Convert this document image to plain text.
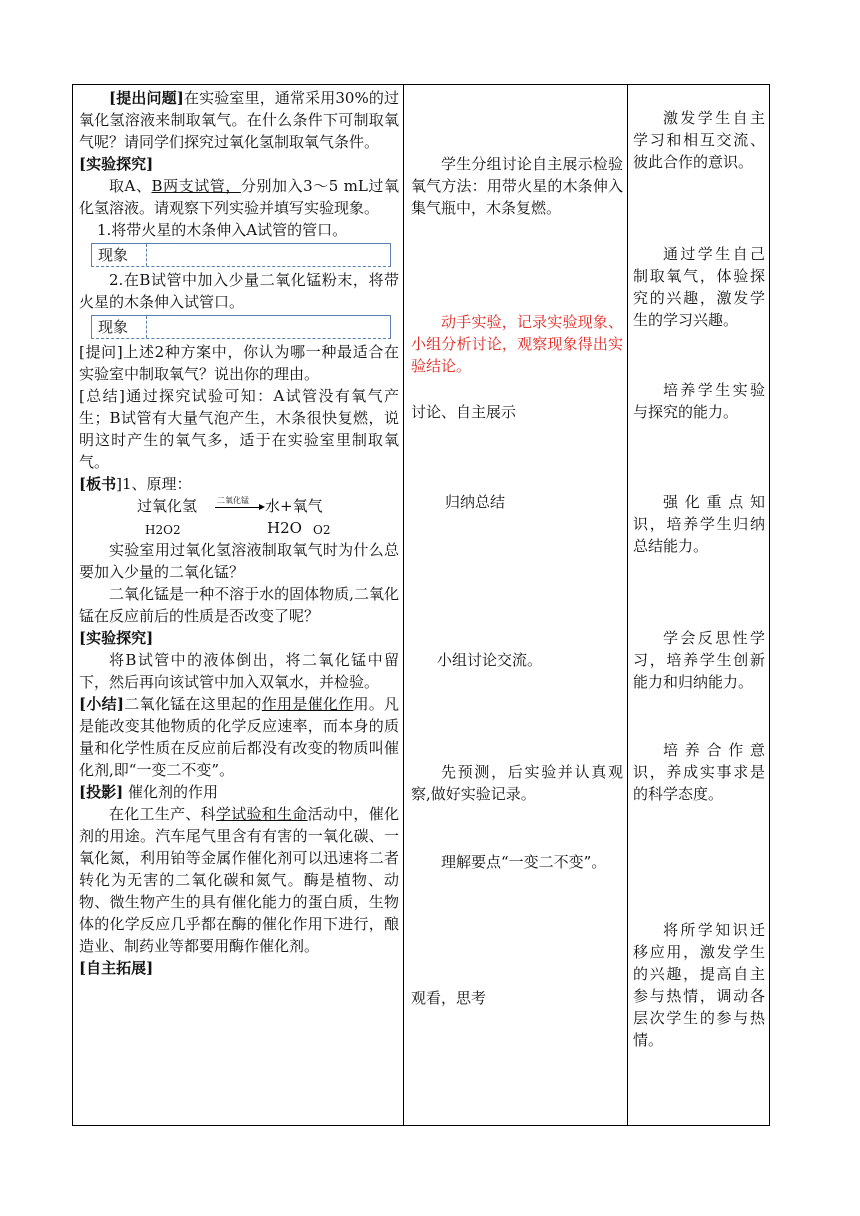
[提出问题]在实验室里，通常采用30%的过氧化氢溶液来制取氧气。在什么条件下可制取氧气呢？请同学们探究过氧化氢制取氧气条件。

[实验探究]

取A、B两支试管，分别加入3～5 mL过氧化氢溶液。请观察下列实验并填写实验现象。

1.将带火星的木条伸入A试管的管口。

现象

2.在B试管中加入少量二氧化锰粉末，将带火星的木条伸入试管口。

现象

[提问]上述2种方案中，你认为哪一种最适合在实验室中制取氧气？说出你的理由。

[总结]通过探究试验可知：A试管没有氧气产生；B试管有大量气泡产生，木条很快复燃，说明这时产生的氧气多，适于在实验室里制取氧气。

[板书]1、原理：

过氧化氢 二氧化锰 → 水+氧气
H2O2	H2O O2

实验室用过氧化氢溶液制取氧气时为什么总要加入少量的二氧化锰？

二氧化锰是一种不溶于水的固体物质,二氧化锰在反应前后的性质是否改变了呢？

[实验探究]

将B试管中的液体倒出，将二氧化锰中留下，然后再向该试管中加入双氧水，并检验。

[小结]二氧化锰在这里起的作用是催化作用。凡是能改变其他物质的化学反应速率，而本身的质量和化学性质在反应前后都没有改变的物质叫催化剂,即“一变二不变”。

[投影] 催化剂的作用

在化工生产、科学试验和生命活动中，催化剂的用途。汽车尾气里含有有害的一氧化碳、一氧化氮，利用铂等金属作催化剂可以迅速将二者转化为无害的二氧化碳和氮气。酶是植物、动物、微生物产生的具有催化能力的蛋白质，生物体的化学反应几乎都在酶的催化作用下进行，酿造业、制药业等都要用酶作催化剂。

[自主拓展]

学生分组讨论自主展示检验氧气方法：用带火星的木条伸入集气瓶中，木条复燃。

动手实验，记录实验现象、小组分析讨论，观察现象得出实验结论。

讨论、自主展示

归纳总结

小组讨论交流。

先预测，后实验并认真观察,做好实验记录。

理解要点“一变二不变”。

观看，思考

激发学生自主学习和相互交流、彼此合作的意识。

通过学生自己制取氧气，体验探究的兴趣，激发学生的学习兴趣。

培养学生实验与探究的能力。

强化重点知识，培养学生归纳总结能力。

学会反思性学习，培养学生创新能力和归纳能力。

培养合作意识，养成实事求是的科学态度。

将所学知识迁移应用，激发学生的兴趣，提高自主参与热情，调动各层次学生的参与热情。
